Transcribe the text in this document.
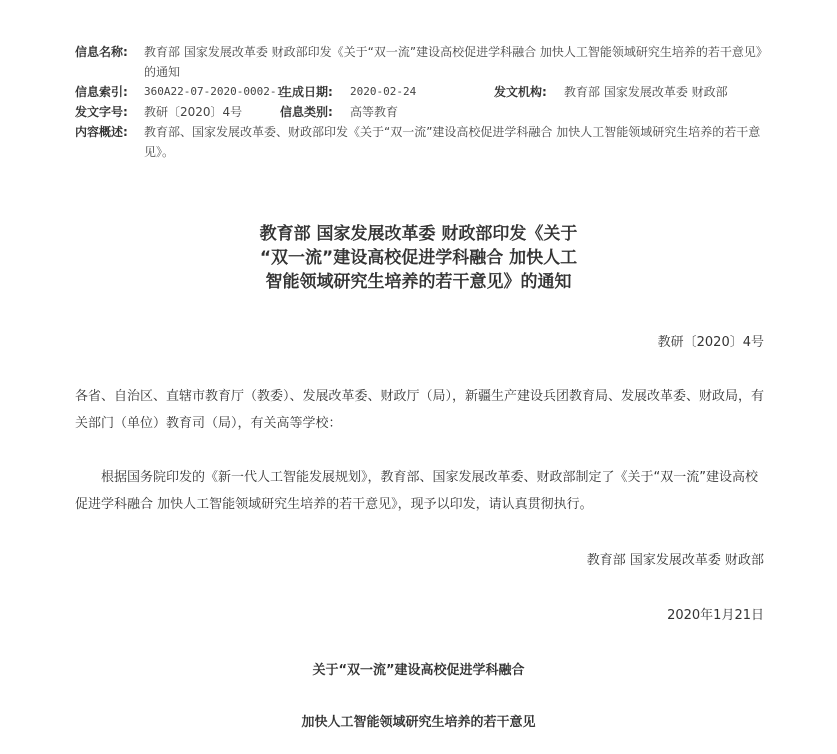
信息名称:	教育部 国家发展改革委 财政部印发《关于“双一流”建设高校促进学科融合 加快人工智能领域研究生培养的若干意见》的通知
信息索引:	360A22-07-2020-0002-1
生成日期:	2020-02-24	发文机构:	教育部 国家发展改革委 财政部
发文字号:	教研〔2020〕4号	信息类别:	高等教育
内容概述:	教育部、国家发展改革委、财政部印发《关于“双一流”建设高校促进学科融合 加快人工智能领域研究生培养的若干意见》。
教育部 国家发展改革委 财政部印发《关于
“双一流”建设高校促进学科融合 加快人工
智能领域研究生培养的若干意见》的通知
教研〔2020〕4号
各省、自治区、直辖市教育厅（教委）、发展改革委、财政厅（局），新疆生产建设兵团教育局、发展改革委、财政局，有关部门（单位）教育司（局），有关高等学校：
根据国务院印发的《新一代人工智能发展规划》，教育部、国家发展改革委、财政部制定了《关于“双一流”建设高校促进学科融合 加快人工智能领域研究生培养的若干意见》，现予以印发，请认真贯彻执行。
教育部 国家发展改革委 财政部
2020年1月21日
关于“双一流”建设高校促进学科融合
加快人工智能领域研究生培养的若干意见
